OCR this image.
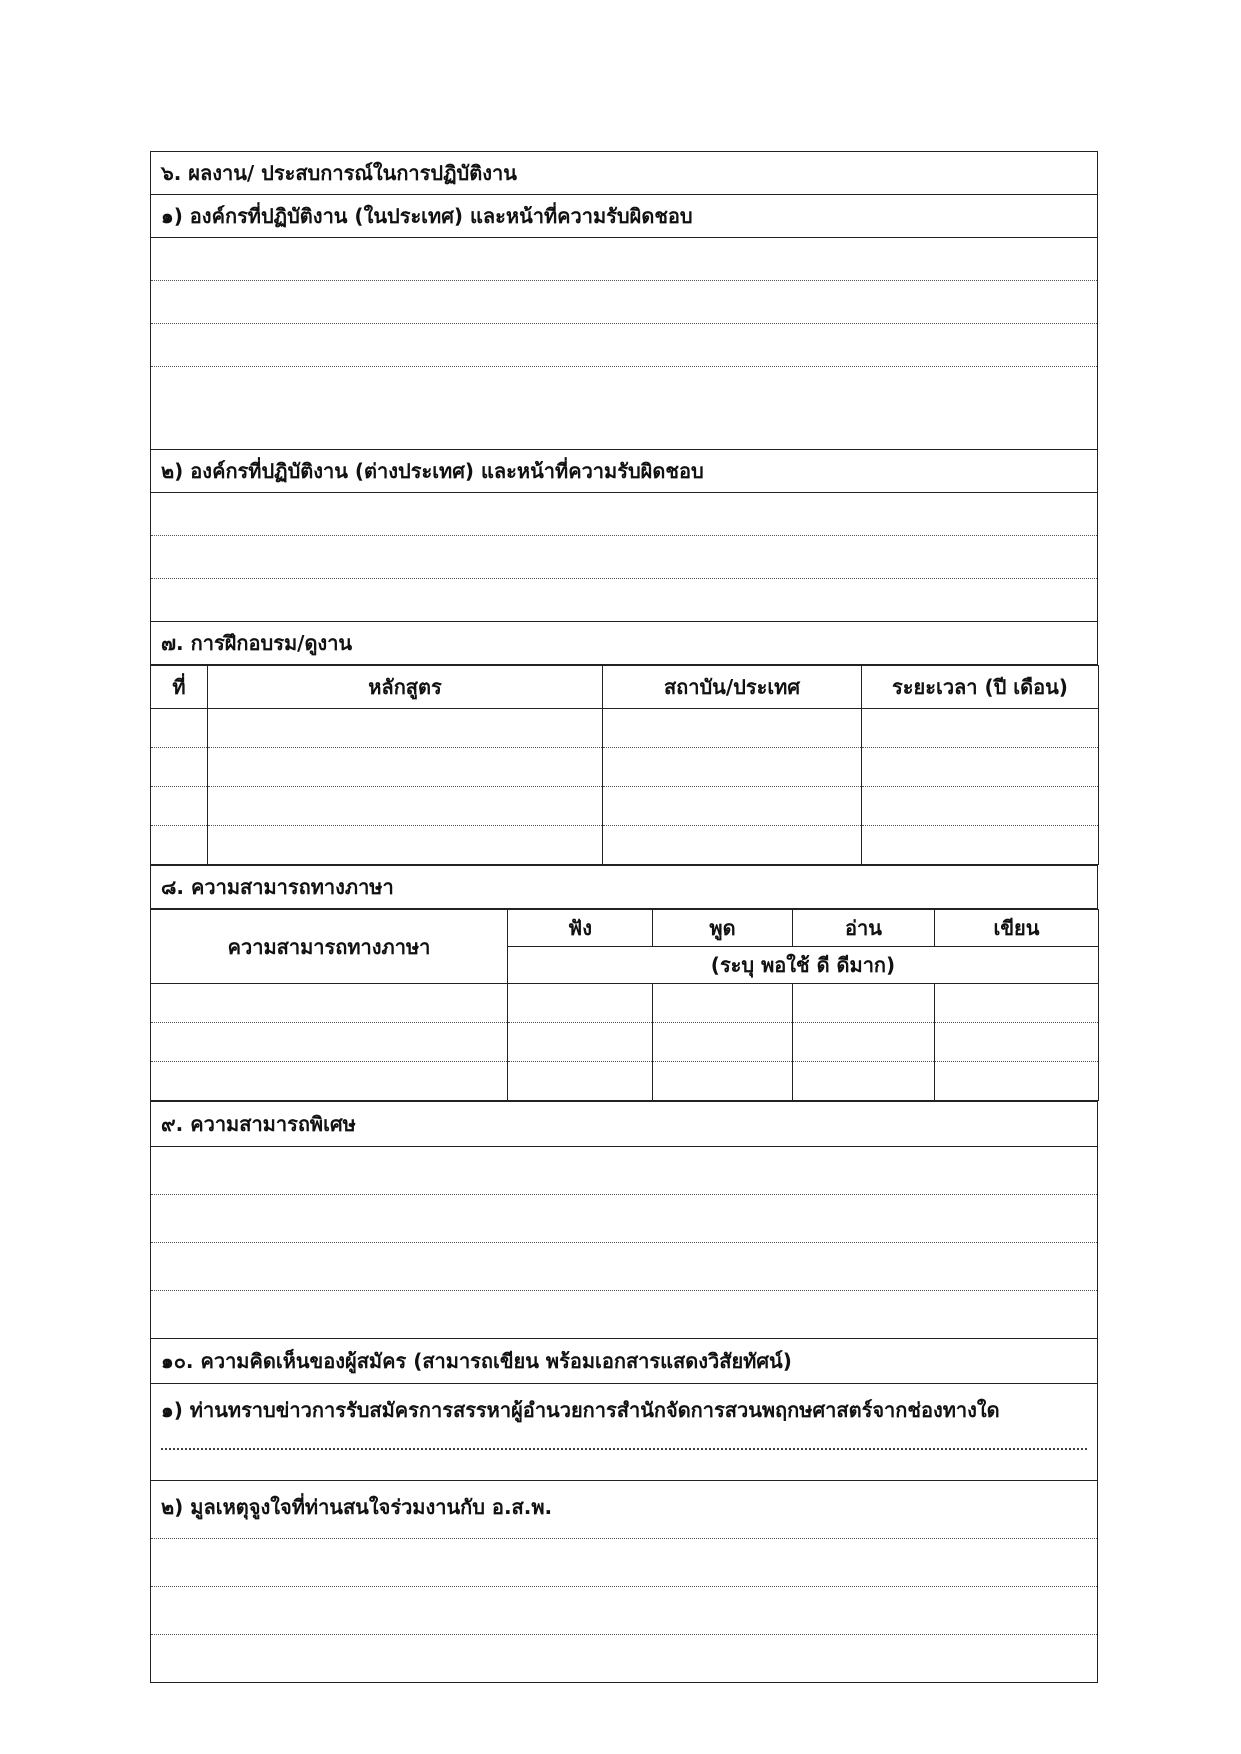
๖. ผลงาน/ ประสบการณ์ในการปฏิบัติงาน
๑) องค์กรที่ปฏิบัติงาน (ในประเทศ) และหน้าที่ความรับผิดชอบ

๒) องค์กรที่ปฏิบัติงาน (ต่างประเทศ) และหน้าที่ความรับผิดชอบ

๗. การฝึกอบรม/ดูงาน
ที่	หลักสูตร	สถาบัน/ประเทศ	ระยะเวลา (ปี เดือน)

๘. ความสามารถทางภาษา
ความสามารถทางภาษา	ฟัง	พูด	อ่าน	เขียน
	(ระบุ พอใช้ ดี ดีมาก)			

๙. ความสามารถพิเศษ

๑๐. ความคิดเห็นของผู้สมัคร (สามารถเขียน พร้อมเอกสารแสดงวิสัยทัศน์)

๑) ท่านทราบข่าวการรับสมัครการสรรหาผู้อำนวยการสำนักจัดการสวนพฤกษศาสตร์จากช่องทางใด

๒) มูลเหตุจูงใจที่ท่านสนใจร่วมงานกับ อ.ส.พ.
